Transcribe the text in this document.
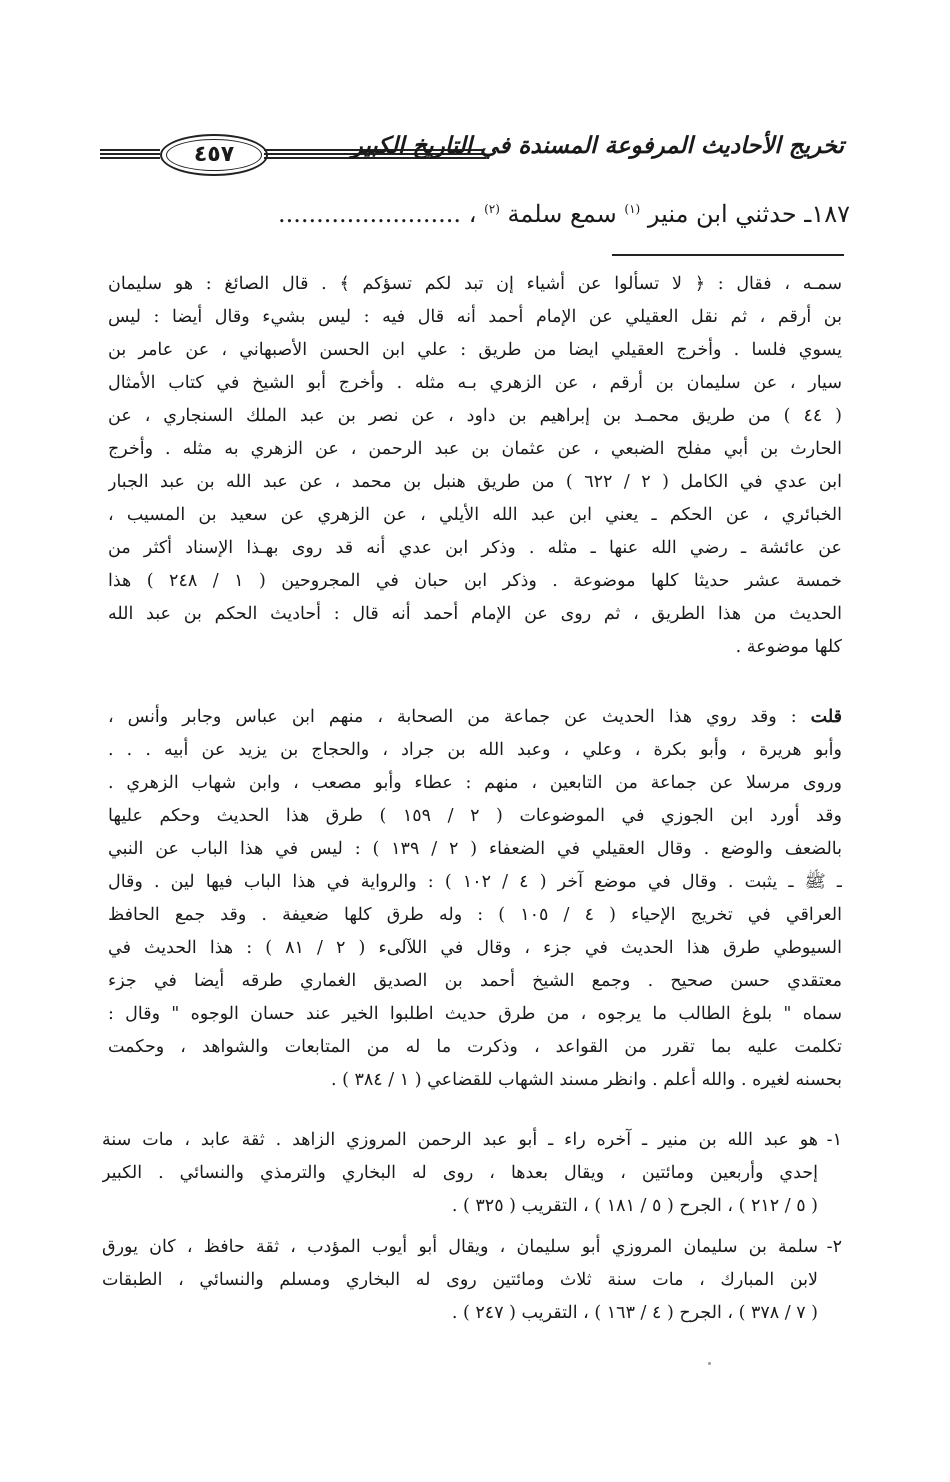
٤٥٧	تخريج الأحاديث المرفوعة المسندة في التاريخ الكبير
١٨٧ـ حدثني ابن منير $^{(١)}$ سمع سلمة $^{(٢)}$ ، ........................
سمـه ، فقال : ﴿ لا تسألوا عن أشياء إن تبد لكم تسؤكم ﴾ . قال الصائغ : هو سليمان
بن أرقم ، ثم نقل العقيلي عن الإمام أحمد أنه قال فيه : ليس بشيء وقال أيضا : ليس
يسوي فلسا . وأخرج العقيلي ايضا من طريق : علي ابن الحسن الأصبهاني ، عن عامر بن
سيار ، عن سليمان بن أرقم ، عن الزهري بـه مثله . وأخرج أبو الشيخ في كتاب الأمثال
( ٤٤ ) من طريق محمـد بن إبراهيم بن داود ، عن نصر بن عبد الملك السنجاري ، عن
الحارث بن أبي مفلح الضبعي ، عن عثمان بن عبد الرحمن ، عن الزهري به مثله . وأخرج
ابن عدي في الكامل ( ٢ / ٦٢٢ ) من طريق هنبل بن محمد ، عن عبد الله بن عبد الجبار
الخبائري ، عن الحكم ـ يعني ابن عبد الله الأيلي ، عن الزهري عن سعيد بن المسيب ،
عن عائشة ـ رضي الله عنها ـ مثله . وذكر ابن عدي أنه قد روى بهـذا الإسناد أكثر من
خمسة عشر حديثا كلها موضوعة . وذكر ابن حبان في المجروحين ( ١ / ٢٤٨ ) هذا
الحديث من هذا الطريق ، ثم روى عن الإمام أحمد أنه قال : أحاديث الحكم بن عبد الله
كلها موضوعة .
قلت : وقد روي هذا الحديث عن جماعة من الصحابة ، منهم ابن عباس وجابر وأنس ،
وأبو هريرة ، وأبو بكرة ، وعلي ، وعبد الله بن جراد ، والحجاج بن يزيد عن أبيه . . .
وروى مرسلا عن جماعة من التابعين ، منهم : عطاء وأبو مصعب ، وابن شهاب الزهري .
وقد أورد ابن الجوزي في الموضوعات ( ٢ / ١٥٩ ) طرق هذا الحديث وحكم عليها
بالضعف والوضع . وقال العقيلي في الضعفاء ( ٢ / ١٣٩ ) : ليس في هذا الباب عن النبي
ـ ﷺ ـ يثبت . وقال في موضع آخر ( ٤ / ١٠٢ ) : والرواية في هذا الباب فيها لين . وقال
العراقي في تخريج الإحياء ( ٤ / ١٠٥ ) : وله طرق كلها ضعيفة . وقد جمع الحافظ
السيوطي طرق هذا الحديث في جزء ، وقال في اللآلىء ( ٢ / ٨١ ) : هذا الحديث في
معتقدي حسن صحيح . وجمع الشيخ أحمد بن الصديق الغماري طرقه أيضا في جزء
سماه " بلوغ الطالب ما يرجوه ، من طرق حديث اطلبوا الخير عند حسان الوجوه " وقال :
تكلمت عليه بما تقرر من القواعد ، وذكرت ما له من المتابعات والشواهد ، وحكمت
بحسنه لغيره . والله أعلم . وانظر مسند الشهاب للقضاعي ( ١ / ٣٨٤ ) .
١-هو عبد الله بن منير ـ آخره راء ـ أبو عبد الرحمن المروزي الزاهد . ثقة عابد ، مات سنة
إحدي وأربعين ومائتين ، ويقال بعدها ، روى له البخاري والترمذي والنسائي . الكبير
( ٥ / ٢١٢ ) ، الجرح ( ٥ / ١٨١ ) ، التقريب ( ٣٢٥ ) .
٢-سلمة بن سليمان المروزي أبو سليمان ، ويقال أبو أيوب المؤدب ، ثقة حافظ ، كان يورق
لابن المبارك ، مات سنة ثلاث ومائتين روى له البخاري ومسلم والنسائي ، الطبقات
( ٧ / ٣٧٨ ) ، الجرح ( ٤ / ١٦٣ ) ، التقريب ( ٢٤٧ ) .
